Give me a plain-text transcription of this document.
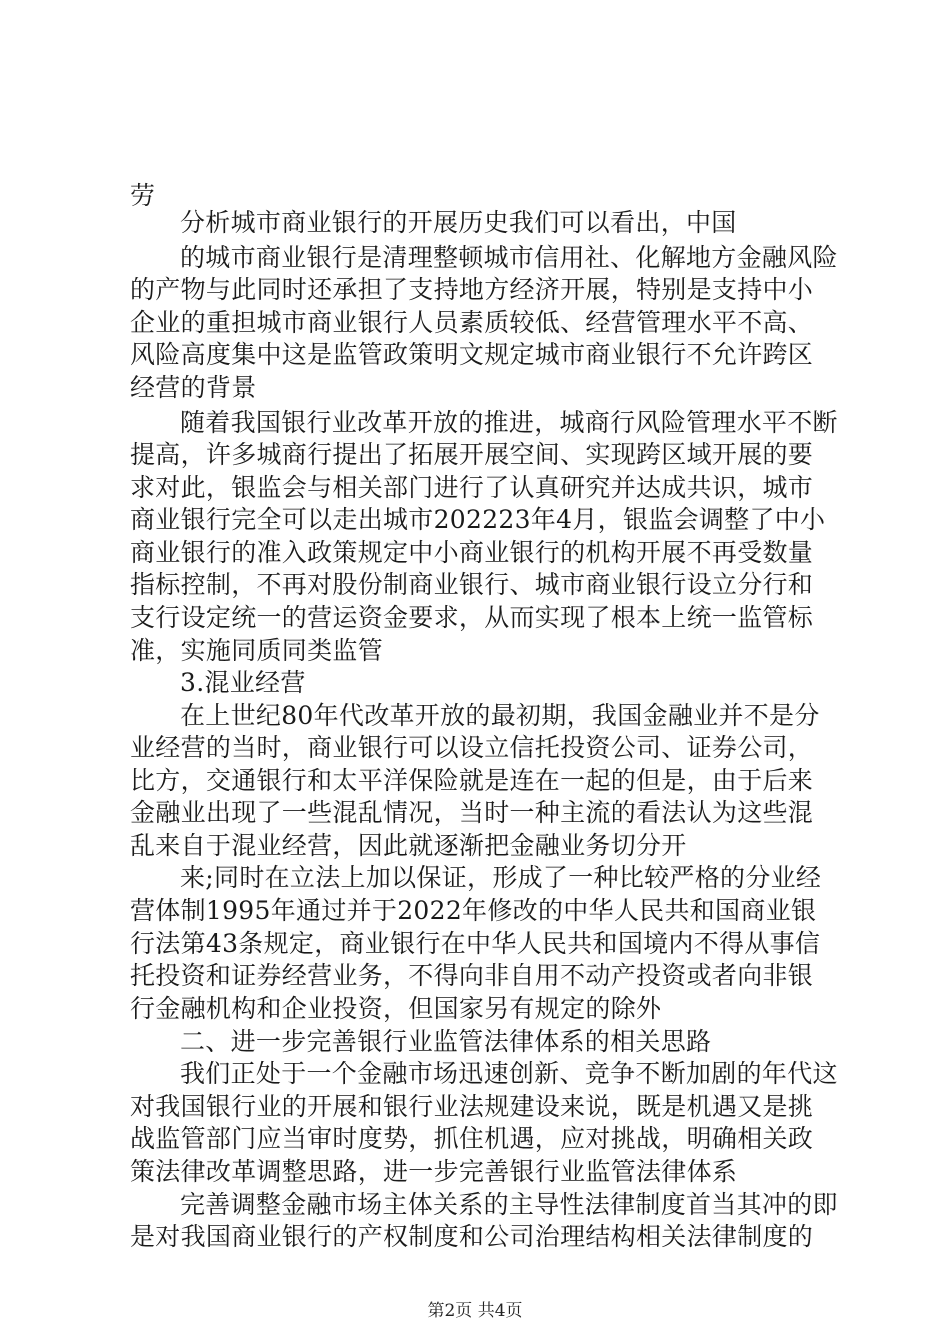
劳
分析城市商业银行的开展历史我们可以看出，中国
的城市商业银行是清理整顿城市信用社、化解地方金融风险
的产物与此同时还承担了支持地方经济开展，特别是支持中小
企业的重担城市商业银行人员素质较低、经营管理水平不高、
风险高度集中这是监管政策明文规定城市商业银行不允许跨区
经营的背景
随着我国银行业改革开放的推进，城商行风险管理水平不断
提高，许多城商行提出了拓展开展空间、实现跨区域开展的要
求对此，银监会与相关部门进行了认真研究并达成共识，城市
商业银行完全可以走出城市202223年4月，银监会调整了中小
商业银行的准入政策规定中小商业银行的机构开展不再受数量
指标控制，不再对股份制商业银行、城市商业银行设立分行和
支行设定统一的营运资金要求，从而实现了根本上统一监管标
准，实施同质同类监管
3.混业经营
在上世纪80年代改革开放的最初期，我国金融业并不是分
业经营的当时，商业银行可以设立信托投资公司、证券公司，
比方，交通银行和太平洋保险就是连在一起的但是，由于后来
金融业出现了一些混乱情况，当时一种主流的看法认为这些混
乱来自于混业经营，因此就逐渐把金融业务切分开
来;同时在立法上加以保证，形成了一种比较严格的分业经
营体制1995年通过并于2022年修改的中华人民共和国商业银
行法第43条规定，商业银行在中华人民共和国境内不得从事信
托投资和证券经营业务，不得向非自用不动产投资或者向非银
行金融机构和企业投资，但国家另有规定的除外
二、进一步完善银行业监管法律体系的相关思路
我们正处于一个金融市场迅速创新、竞争不断加剧的年代这
对我国银行业的开展和银行业法规建设来说，既是机遇又是挑
战监管部门应当审时度势，抓住机遇，应对挑战，明确相关政
策法律改革调整思路，进一步完善银行业监管法律体系
完善调整金融市场主体关系的主导性法律制度首当其冲的即
是对我国商业银行的产权制度和公司治理结构相关法律制度的
第2页 共4页
